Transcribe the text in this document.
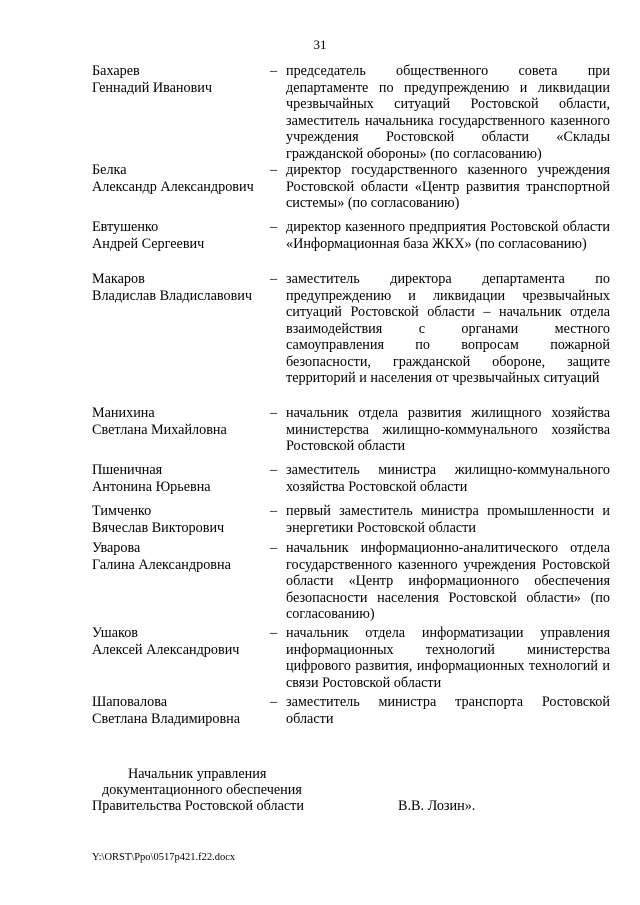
31
Бахарев
Геннадий Иванович
– председатель общественного совета при департаменте по предупреждению и ликвидации чрезвычайных ситуаций Ростовской области, заместитель начальника государственного казенного учреждения Ростовской области «Склады гражданской обороны» (по согласованию)
Белка
Александр Александрович
– директор государственного казенного учреждения Ростовской области «Центр развития транспортной системы» (по согласованию)
Евтушенко
Андрей Сергеевич
– директор казенного предприятия Ростовской области «Информационная база ЖКХ» (по согласованию)
Макаров
Владислав Владиславович
– заместитель директора департамента по предупреждению и ликвидации чрезвычайных ситуаций Ростовской области – начальник отдела взаимодействия с органами местного самоуправления по вопросам пожарной безопасности, гражданской обороне, защите территорий и населения от чрезвычайных ситуаций
Манихина
Светлана Михайловна
– начальник отдела развития жилищного хозяйства министерства жилищно-коммунального хозяйства Ростовской области
Пшеничная
Антонина Юрьевна
– заместитель министра жилищно-коммунального хозяйства Ростовской области
Тимченко
Вячеслав Викторович
– первый заместитель министра промышленности и энергетики Ростовской области
Уварова
Галина Александровна
– начальник информационно-аналитического отдела государственного казенного учреждения Ростовской области «Центр информационного обеспечения безопасности населения Ростовской области» (по согласованию)
Ушаков
Алексей Александрович
– начальник отдела информатизации управления информационных технологий министерства цифрового развития, информационных технологий и связи Ростовской области
Шаповалова
Светлана Владимировна
– заместитель министра транспорта Ростовской области
Начальник управления
документационного обеспечения
Правительства Ростовской области	В.В. Лозин».
Y:\ORST\Ppo\0517p421.f22.docx
